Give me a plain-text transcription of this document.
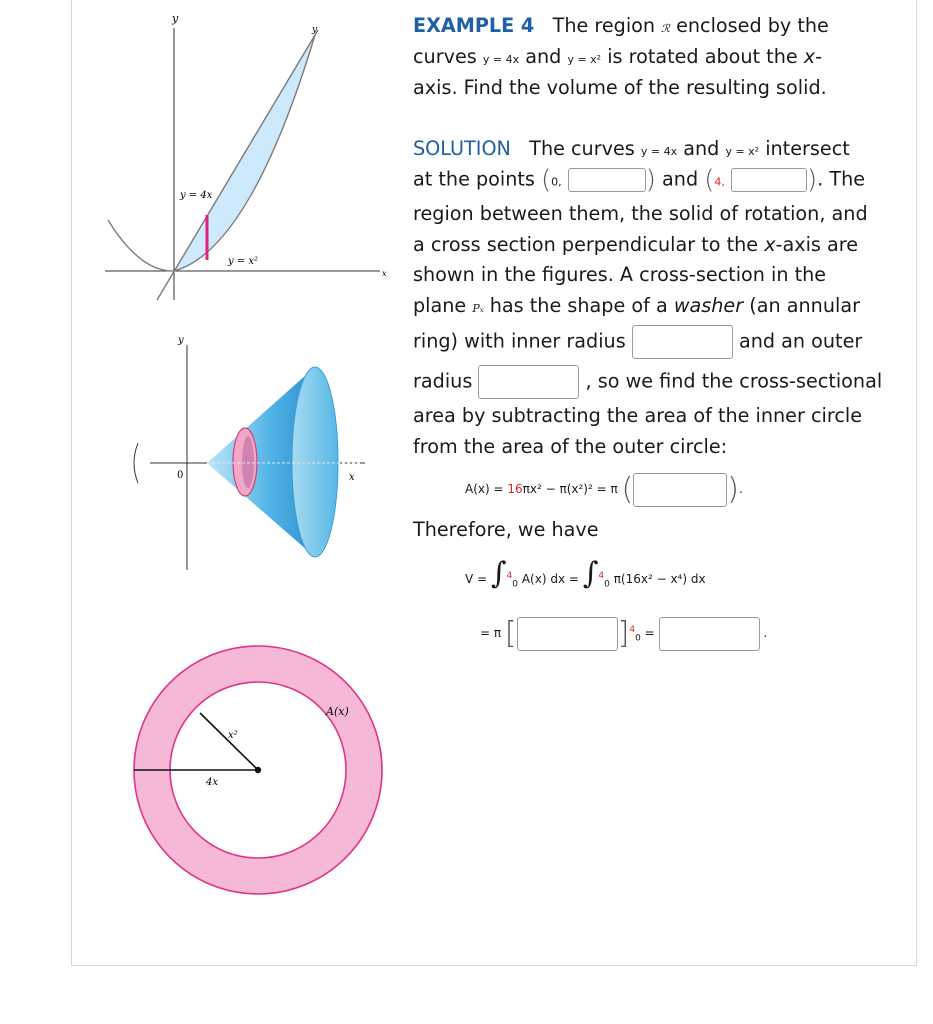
y
x
y = 4x
y = x²
y
y
x
0
A(x)
x²
4x
EXAMPLE 4 The region ℛ enclosed by the
curves y = 4x and y = x² is rotated about the x-
axis. Find the volume of the resulting solid.
SOLUTION The curves y = 4x and y = x² intersect
at the points (0,	) and (4,	). The
region between them, the solid of rotation, and
a cross section perpendicular to the x-axis are
shown in the figures. A cross-section in the
plane Pₓ has the shape of a washer (an annular
ring) with inner radius	and an outer
radius	, so we find the cross-sectional
area by subtracting the area of the inner circle
from the area of the outer circle:
A(x) = 16πx² − π(x²)² = π (	).
Therefore, we have
V = ∫$^4_0$ A(x) dx = ∫$^4_0$ π(16x² − x⁴) dx
= π [	]$^4_0$ =	.
